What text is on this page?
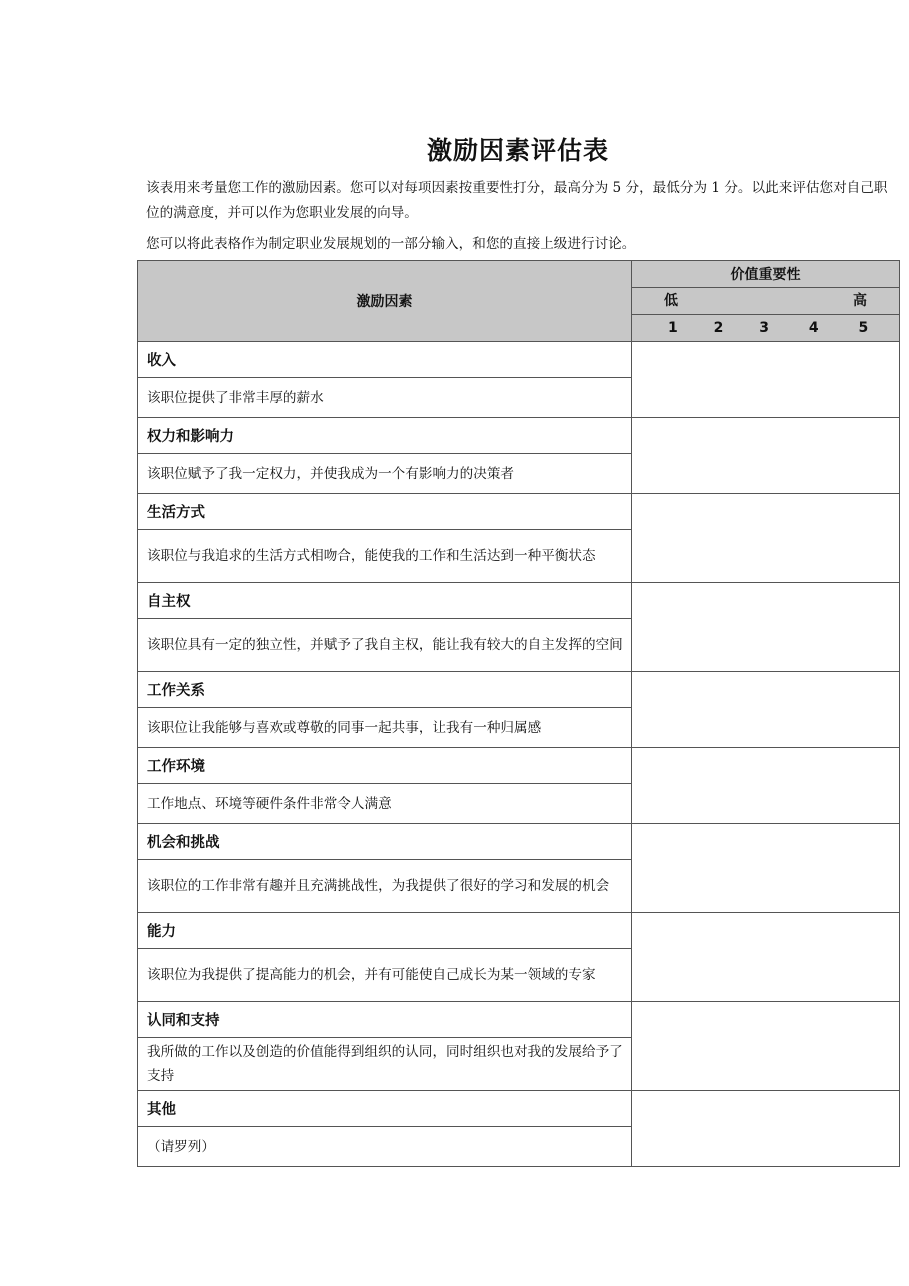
激励因素评估表

该表用来考量您工作的激励因素。您可以对每项因素按重要性打分，最高分为 5 分，最低分为 1 分。以此来评估您对自己职位的满意度，并可以作为您职业发展的向导。

您可以将此表格作为制定职业发展规划的一部分输入，和您的直接上级进行讨论。

激励因素	价值重要性
	低 高

	1 2 3 4 5
收入	
该职位提供了非常丰厚的薪水	
权力和影响力	
该职位赋予了我一定权力，并使我成为一个有影响力的决策者	
生活方式	
该职位与我追求的生活方式相吻合，能使我的工作和生活达到一种平衡状态	
自主权	
该职位具有一定的独立性，并赋予了我自主权，能让我有较大的自主发挥的空间	
工作关系	
该职位让我能够与喜欢或尊敬的同事一起共事，让我有一种归属感	
工作环境	
工作地点、环境等硬件条件非常令人满意	
机会和挑战	
该职位的工作非常有趣并且充满挑战性，为我提供了很好的学习和发展的机会	
能力	
该职位为我提供了提高能力的机会，并有可能使自己成长为某一领域的专家	
认同和支持	
我所做的工作以及创造的价值能得到组织的认同，同时组织也对我的发展给予了支持	
其他	
（请罗列）	
